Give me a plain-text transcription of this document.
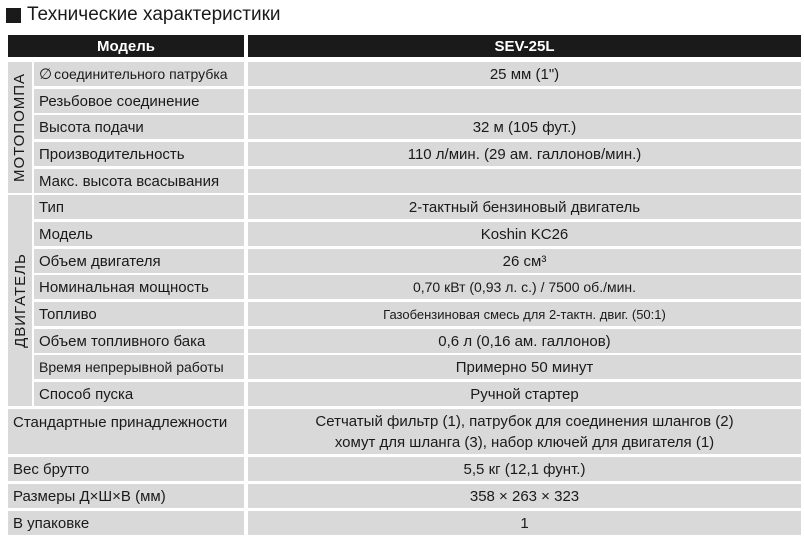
Технические характеристики
Модель	SEV-25L
МОТОПОМПА
ДВИГАТЕЛЬ
∅ соединительного патрубка	25 мм (1")
Резьбовое соединение
Высота подачи	32 м (105 фут.)
Производительность	110 л/мин. (29 ам. галлонов/мин.)
Макс. высота всасывания
Тип	2-тактный бензиновый двигатель
Модель	Koshin KC26
Объем двигателя	26 см³
Номинальная мощность	0,70 кВт (0,93 л. с.) / 7500 об./мин.
Топливо	Газобензиновая смесь для 2-тактн. двиг. (50:1)
Объем топливного бака	0,6 л (0,16 ам. галлонов)
Время непрерывной работы	Примерно 50 минут
Способ пуска	Ручной стартер
Стандартные принадлежности	Сетчатый фильтр (1), патрубок для соединения шлангов (2)
хомут для шланга (3), набор ключей для двигателя (1)
Вес брутто	5,5 кг (12,1 фунт.)
Размеры Д×Ш×В (мм)	358 × 263 × 323
В упаковке	1
